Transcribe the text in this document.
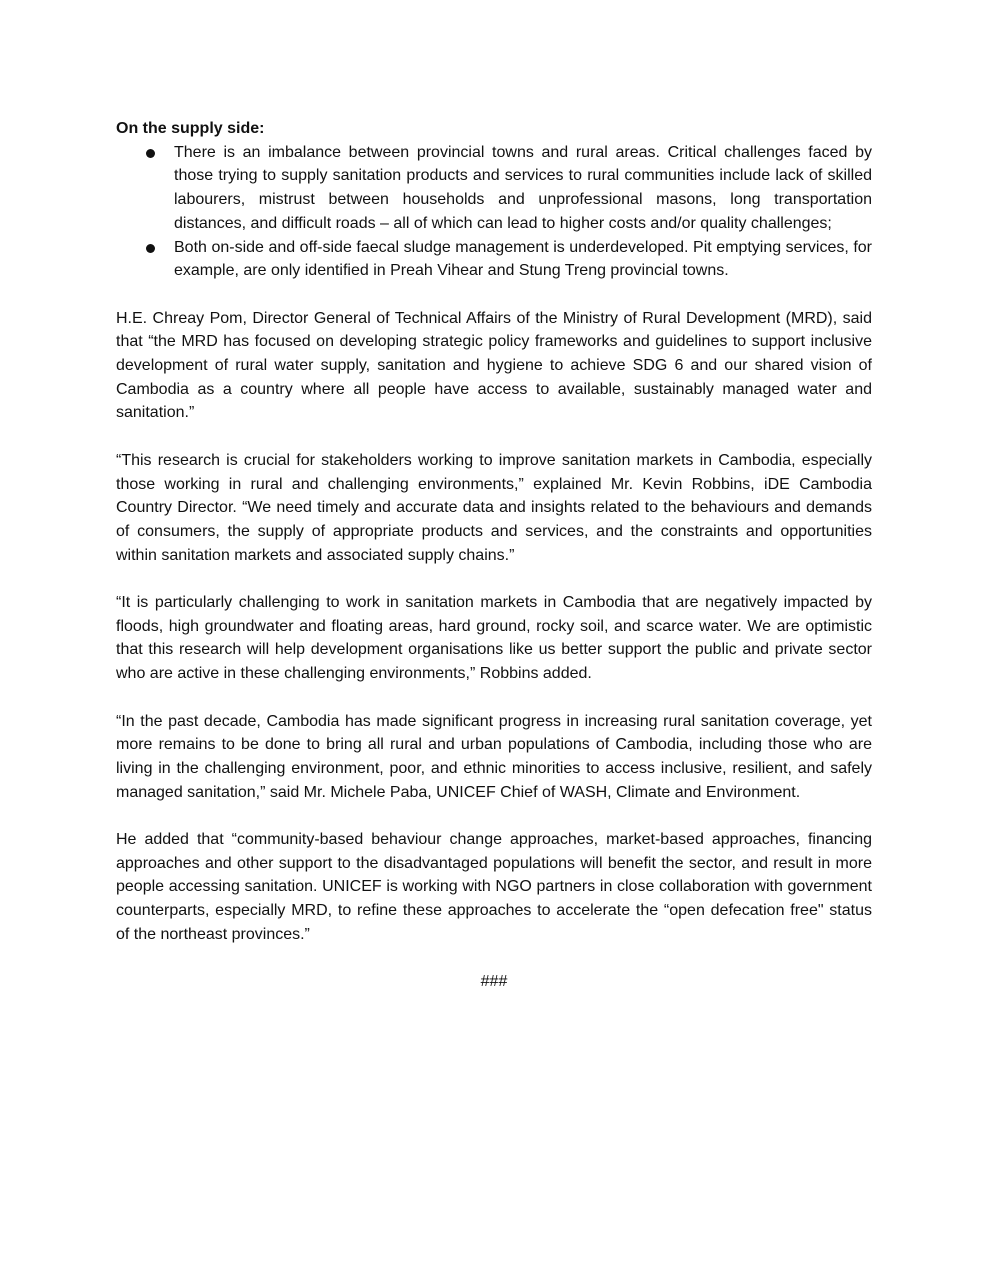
On the supply side:

There is an imbalance between provincial towns and rural areas. Critical challenges faced by those trying to supply sanitation products and services to rural communities include lack of skilled labourers, mistrust between households and unprofessional masons, long transportation distances, and difficult roads – all of which can lead to higher costs and/or quality challenges;
Both on-side and off-side faecal sludge management is underdeveloped. Pit emptying services, for example, are only identified in Preah Vihear and Stung Treng provincial towns.

H.E. Chreay Pom, Director General of Technical Affairs of the Ministry of Rural Development (MRD), said that “the MRD has focused on developing strategic policy frameworks and guidelines to support inclusive development of rural water supply, sanitation and hygiene to achieve SDG 6 and our shared vision of Cambodia as a country where all people have access to available, sustainably managed water and sanitation.”

“This research is crucial for stakeholders working to improve sanitation markets in Cambodia, especially those working in rural and challenging environments,” explained Mr. Kevin Robbins, iDE Cambodia Country Director. “We need timely and accurate data and insights related to the behaviours and demands of consumers, the supply of appropriate products and services, and the constraints and opportunities within sanitation markets and associated supply chains.”

“It is particularly challenging to work in sanitation markets in Cambodia that are negatively impacted by floods, high groundwater and floating areas, hard ground, rocky soil, and scarce water. We are optimistic that this research will help development organisations like us better support the public and private sector who are active in these challenging environments,” Robbins added.

“In the past decade, Cambodia has made significant progress in increasing rural sanitation coverage, yet more remains to be done to bring all rural and urban populations of Cambodia, including those who are living in the challenging environment, poor, and ethnic minorities to access inclusive, resilient, and safely managed sanitation,” said Mr. Michele Paba, UNICEF Chief of WASH, Climate and Environment.

He added that “community-based behaviour change approaches, market-based approaches, financing approaches and other support to the disadvantaged populations will benefit the sector, and result in more people accessing sanitation. UNICEF is working with NGO partners in close collaboration with government counterparts, especially MRD, to refine these approaches to accelerate the “open defecation free" status of the northeast provinces.”

###
